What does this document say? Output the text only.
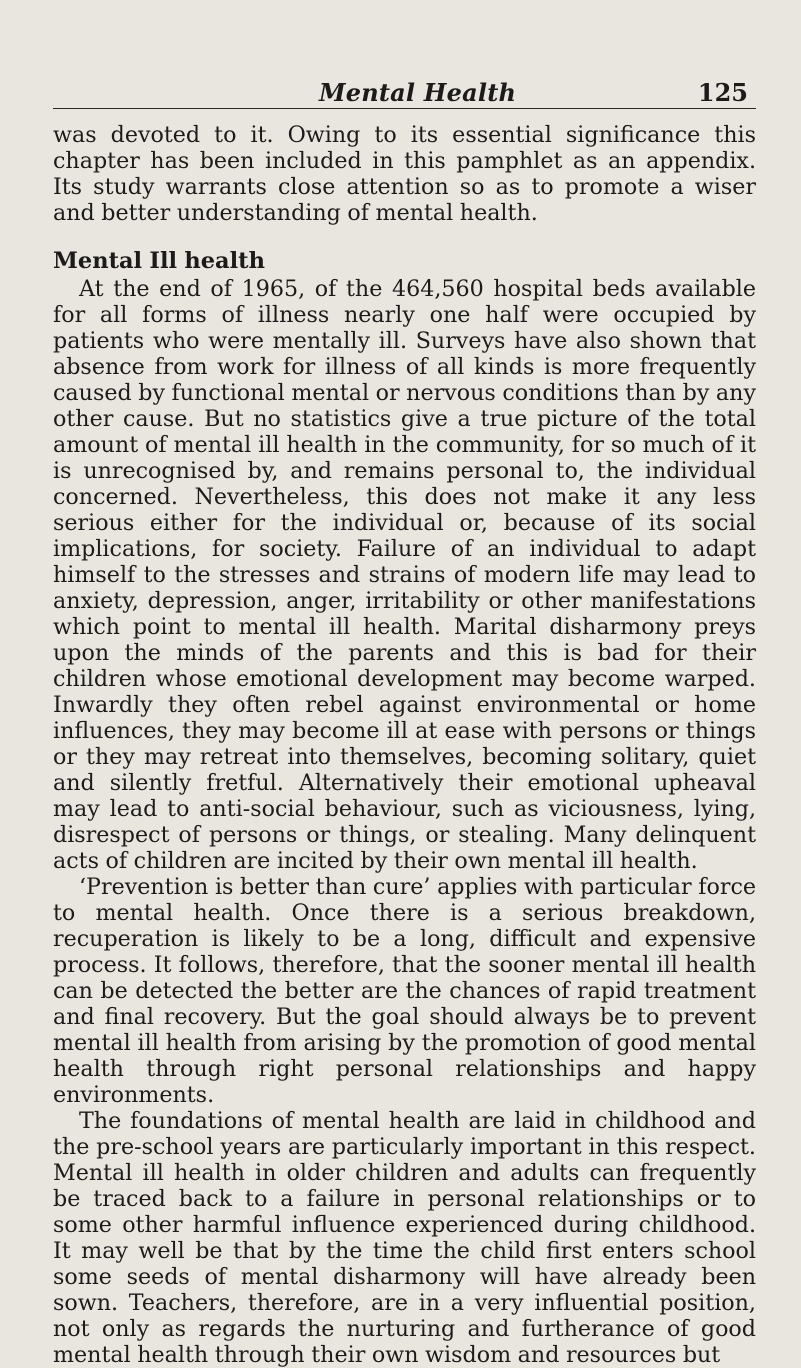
Mental Health	125

was devoted to it. Owing to its essential significance this chapter has been included in this pamphlet as an appendix. Its study warrants close attention so as to promote a wiser and better understanding of mental health.

Mental Ill health

At the end of 1965, of the 464,560 hospital beds available for all forms of illness nearly one half were occupied by patients who were mentally ill. Surveys have also shown that absence from work for illness of all kinds is more frequently caused by functional mental or nervous conditions than by any other cause. But no statistics give a true picture of the total amount of mental ill health in the community, for so much of it is unrecognised by, and remains personal to, the individual concerned. Nevertheless, this does not make it any less serious either for the individual or, because of its social implications, for society. Failure of an individual to adapt himself to the stresses and strains of modern life may lead to anxiety, depression, anger, irritability or other manifestations which point to mental ill health. Marital disharmony preys upon the minds of the parents and this is bad for their children whose emotional development may become warped. Inwardly they often rebel against environmental or home influences, they may become ill at ease with persons or things or they may retreat into themselves, becoming solitary, quiet and silently fretful. Alternatively their emotional upheaval may lead to anti-social behaviour, such as viciousness, lying, disrespect of persons or things, or stealing. Many delinquent acts of children are incited by their own mental ill health.

‘Prevention is better than cure’ applies with particular force to mental health. Once there is a serious breakdown, recuperation is likely to be a long, difficult and expensive process. It follows, therefore, that the sooner mental ill health can be detected the better are the chances of rapid treatment and final recovery. But the goal should always be to prevent mental ill health from arising by the promotion of good mental health through right personal relationships and happy environments.

The foundations of mental health are laid in childhood and the pre-school years are particularly important in this respect. Mental ill health in older children and adults can frequently be traced back to a failure in personal relationships or to some other harmful influence experienced during childhood. It may well be that by the time the child first enters school some seeds of mental disharmony will have already been sown. Teachers, therefore, are in a very influential position, not only as regards the nurturing and furtherance of good mental health through their own wisdom and resources but
